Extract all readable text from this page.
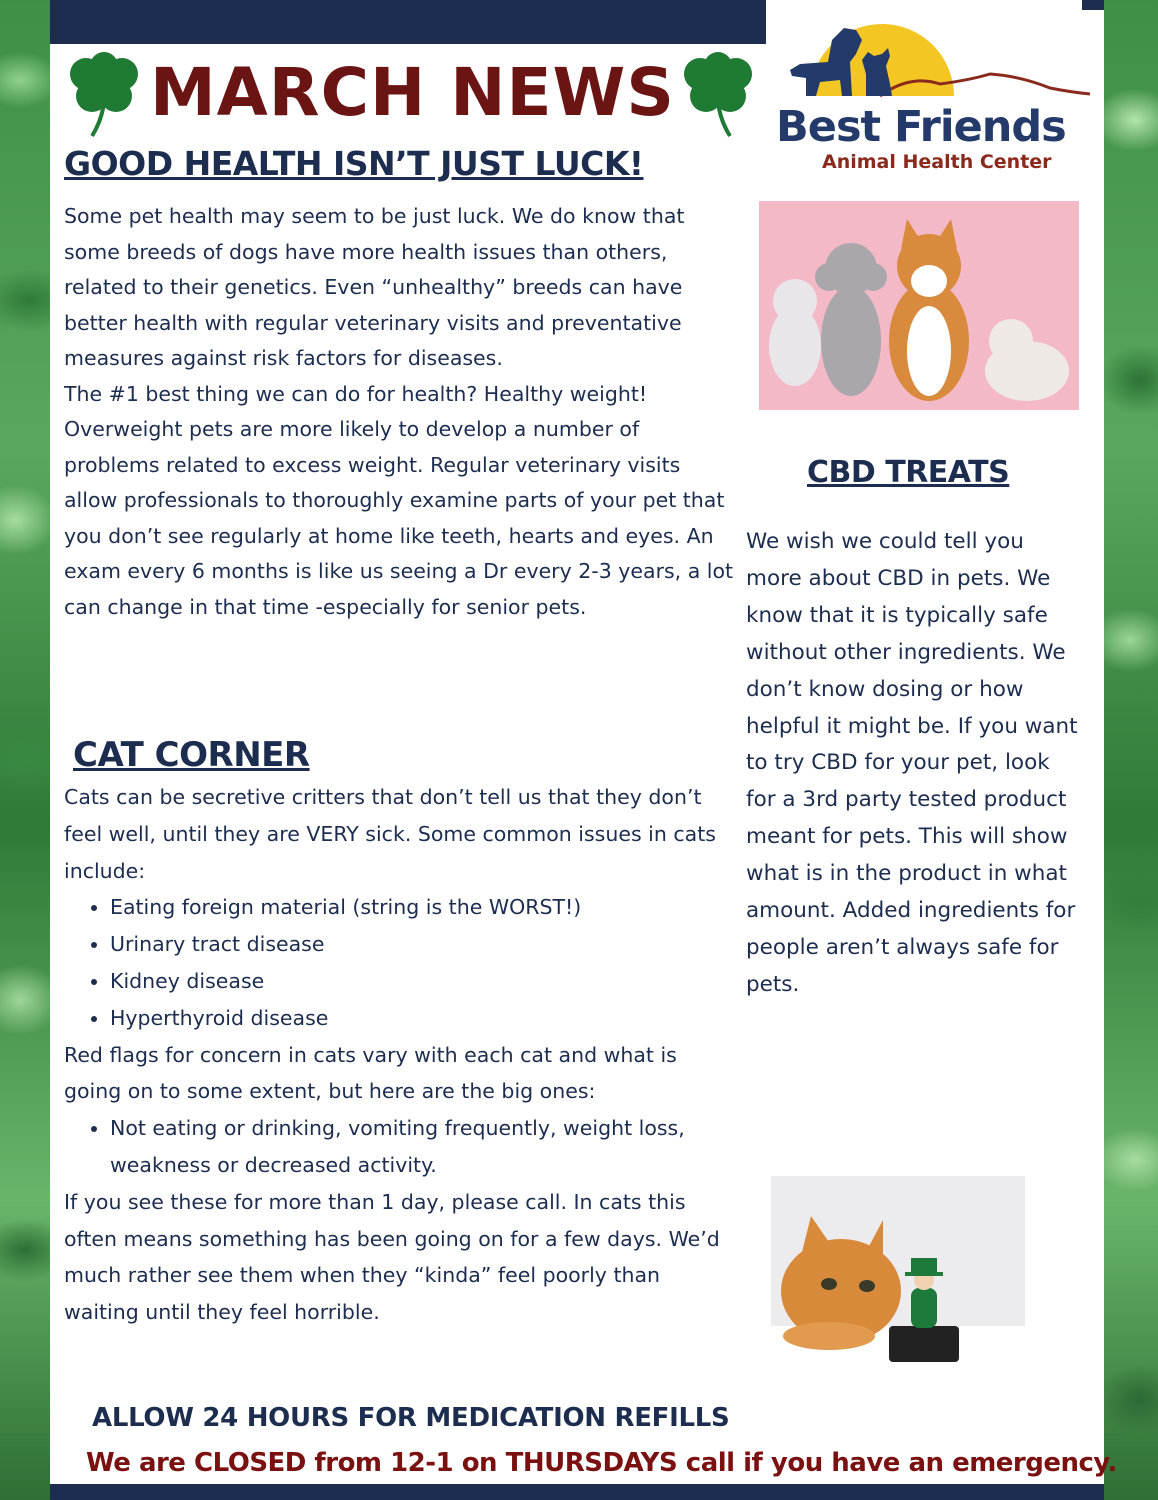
MARCH NEWS Best Friends
Animal Health Center
GOOD HEALTH ISN’T JUST LUCK!

Some pet health may seem to be just luck. We do know that some breeds of dogs have more health issues than others, related to their genetics. Even “unhealthy” breeds can have better health with regular veterinary visits and preventative measures against risk factors for diseases.

The #1 best thing we can do for health? Healthy weight! Overweight pets are more likely to develop a number of problems related to excess weight. Regular veterinary visits allow professionals to thoroughly examine parts of your pet that you don’t see regularly at home like teeth, hearts and eyes. An exam every 6 months is like us seeing a Dr every 2-3 years, a lot can change in that time -especially for senior pets.

CAT CORNER

Cats can be secretive critters that don’t tell us that they don’t feel well, until they are VERY sick. Some common issues in cats include:

• Eating foreign material (string is the WORST!)
• Urinary tract disease
• Kidney disease
• Hyperthyroid disease

Red flags for concern in cats vary with each cat and what is going on to some extent, but here are the big ones:

• Not eating or drinking, vomiting frequently, weight loss, weakness or decreased activity.

If you see these for more than 1 day, please call. In cats this often means something has been going on for a few days. We’d much rather see them when they “kinda” feel poorly than waiting until they feel horrible.

CBD TREATS
We wish we could tell you more about CBD in pets. We know that it is typically safe without other ingredients. We don’t know dosing or how helpful it might be. If you want to try CBD for your pet, look for a 3rd party tested product meant for pets. This will show what is in the product in what amount. Added ingredients for people aren’t always safe for pets.
ALLOW 24 HOURS FOR MEDICATION REFILLS
We are CLOSED from 12-1 on THURSDAYS call if you have an emergency.
